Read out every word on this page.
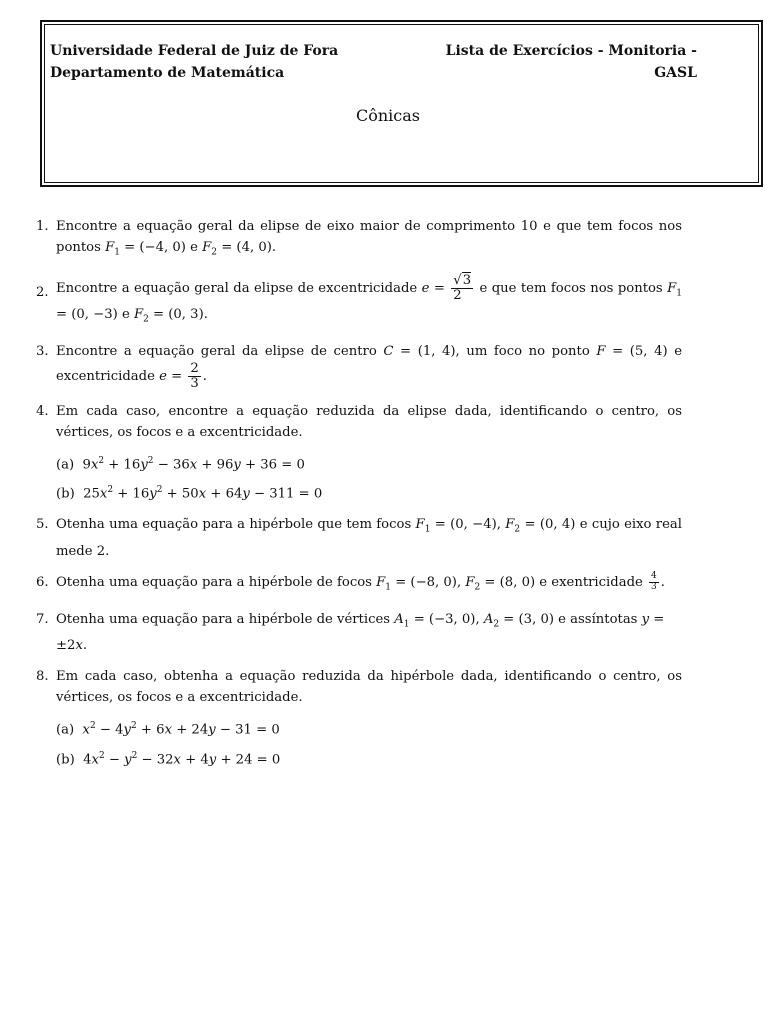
Universidade Federal de Juiz de Fora
Departamento de Matemática
Lista de Exercícios - Monitoria -
GASL
Cônicas
1. Encontre a equação geral da elipse de eixo maior de comprimento 10 e que tem focos nos pontos $F_1 = (-4$, 0) e $F_2 = (4$, 0).
2. Encontre a equação geral da elipse de excentricidade $e = \frac{√3}{2}$ e que tem focos nos pontos $F_1 = (0$, −3) e $F_2 = (0$, 3).
3. Encontre a equação geral da elipse de centro C = (1, 4), um foco no ponto F = (5, 4) e excentricidade $e = \frac{2}{3}$ .
4. Em cada caso, encontre a equação reduzida da elipse dada, identificando o centro, os vértices, os focos e a excentricidade.
(a)  $9x^2 + 16y^2 - 36x + 96y + 36 = 0$
(b)  $25x^2 + 16y^2 + 50x + 64y - 311 = 0$
5. Otenha uma equação para a hipérbole que tem focos $F_1 = (0$, −4), $F_2 = (0$, 4) e cujo eixo real mede 2.
6. Otenha uma equação para a hipérbole de focos $F_1 = (-8$, 0), $F_2 = (8$, 0) e exentricidade $\frac{4}{3}$ .
7. Otenha uma equação para a hipérbole de vértices $A_1 = (-3$, 0), $A_2 = (3$, 0) e assíntotas y = ±2x.
8. Em cada caso, obtenha a equação reduzida da hipérbole dada, identificando o centro, os vértices, os focos e a excentricidade.
(a)  $x^2 - 4y^2 + 6x + 24y - 31 = 0$
(b)  $4x^2 - y^2 - 32x + 4y + 24 = 0$
